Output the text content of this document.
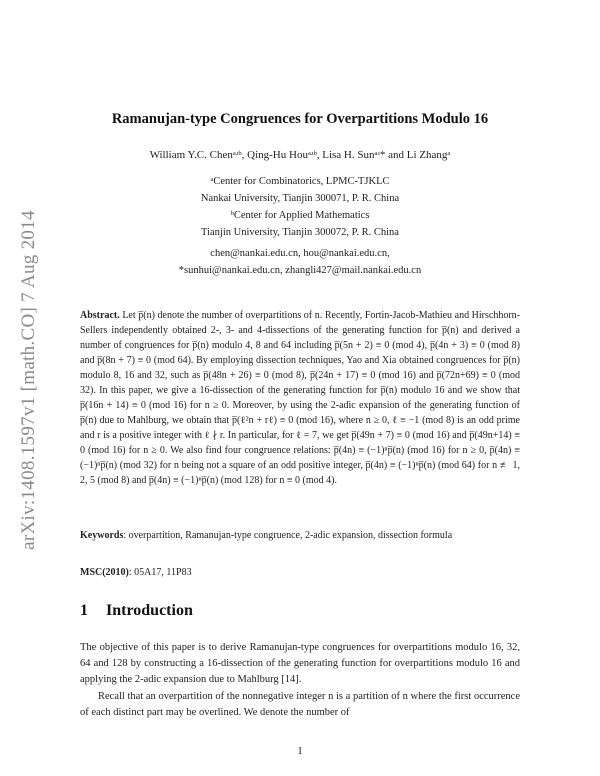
arXiv:1408.1597v1 [math.CO] 7 Aug 2014
Ramanujan-type Congruences for Overpartitions Modulo 16
William Y.C. Chenᵃʴᵇ, Qing-Hu Houᵃʴᵇ, Lisa H. Sunᵃʴ* and Li Zhangᵃ
ᵃCenter for Combinatorics, LPMC-TJKLC
Nankai University, Tianjin 300071, P. R. China
ᵇCenter for Applied Mathematics
Tianjin University, Tianjin 300072, P. R. China
chen@nankai.edu.cn, hou@nankai.edu.cn,
*sunhui@nankai.edu.cn, zhangli427@mail.nankai.edu.cn
Abstract. Let p̅(n) denote the number of overpartitions of n. Recently, Fortin-Jacob-Mathieu and Hirschhorn-Sellers independently obtained 2-, 3- and 4-dissections of the generating function for p̅(n) and derived a number of congruences for p̅(n) modulo 4, 8 and 64 including p̅(5n + 2) ≡ 0 (mod 4), p̅(4n + 3) ≡ 0 (mod 8) and p̅(8n + 7) ≡ 0 (mod 64). By employing dissection techniques, Yao and Xia obtained congruences for p̅(n) modulo 8, 16 and 32, such as p̅(48n + 26) ≡ 0 (mod 8), p̅(24n + 17) ≡ 0 (mod 16) and p̅(72n+69) ≡ 0 (mod 32). In this paper, we give a 16-dissection of the generating function for p̅(n) modulo 16 and we show that p̅(16n + 14) ≡ 0 (mod 16) for n ≥ 0. Moreover, by using the 2-adic expansion of the generating function of p̅(n) due to Mahlburg, we obtain that p̅(ℓ²n + rℓ) ≡ 0 (mod 16), where n ≥ 0, ℓ ≡ −1 (mod 8) is an odd prime and r is a positive integer with ℓ ∤ r. In particular, for ℓ = 7, we get p̅(49n + 7) ≡ 0 (mod 16) and p̅(49n+14) ≡ 0 (mod 16) for n ≥ 0. We also find four congruence relations: p̅(4n) ≡ (−1)ⁿp̅(n) (mod 16) for n ≥ 0, p̅(4n) ≡ (−1)ⁿp̅(n) (mod 32) for n being not a square of an odd positive integer, p̅(4n) ≡ (−1)ⁿp̅(n) (mod 64) for n ≢ 1, 2, 5 (mod 8) and p̅(4n) ≡ (−1)ⁿp̅(n) (mod 128) for n ≡ 0 (mod 4).
Keywords: overpartition, Ramanujan-type congruence, 2-adic expansion, dissection formula
MSC(2010): 05A17, 11P83
1 Introduction
The objective of this paper is to derive Ramanujan-type congruences for overpartitions modulo 16, 32, 64 and 128 by constructing a 16-dissection of the generating function for overpartitions modulo 16 and applying the 2-adic expansion due to Mahlburg [14].
Recall that an overpartition of the nonnegative integer n is a partition of n where the first occurrence of each distinct part may be overlined. We denote the number of
1
